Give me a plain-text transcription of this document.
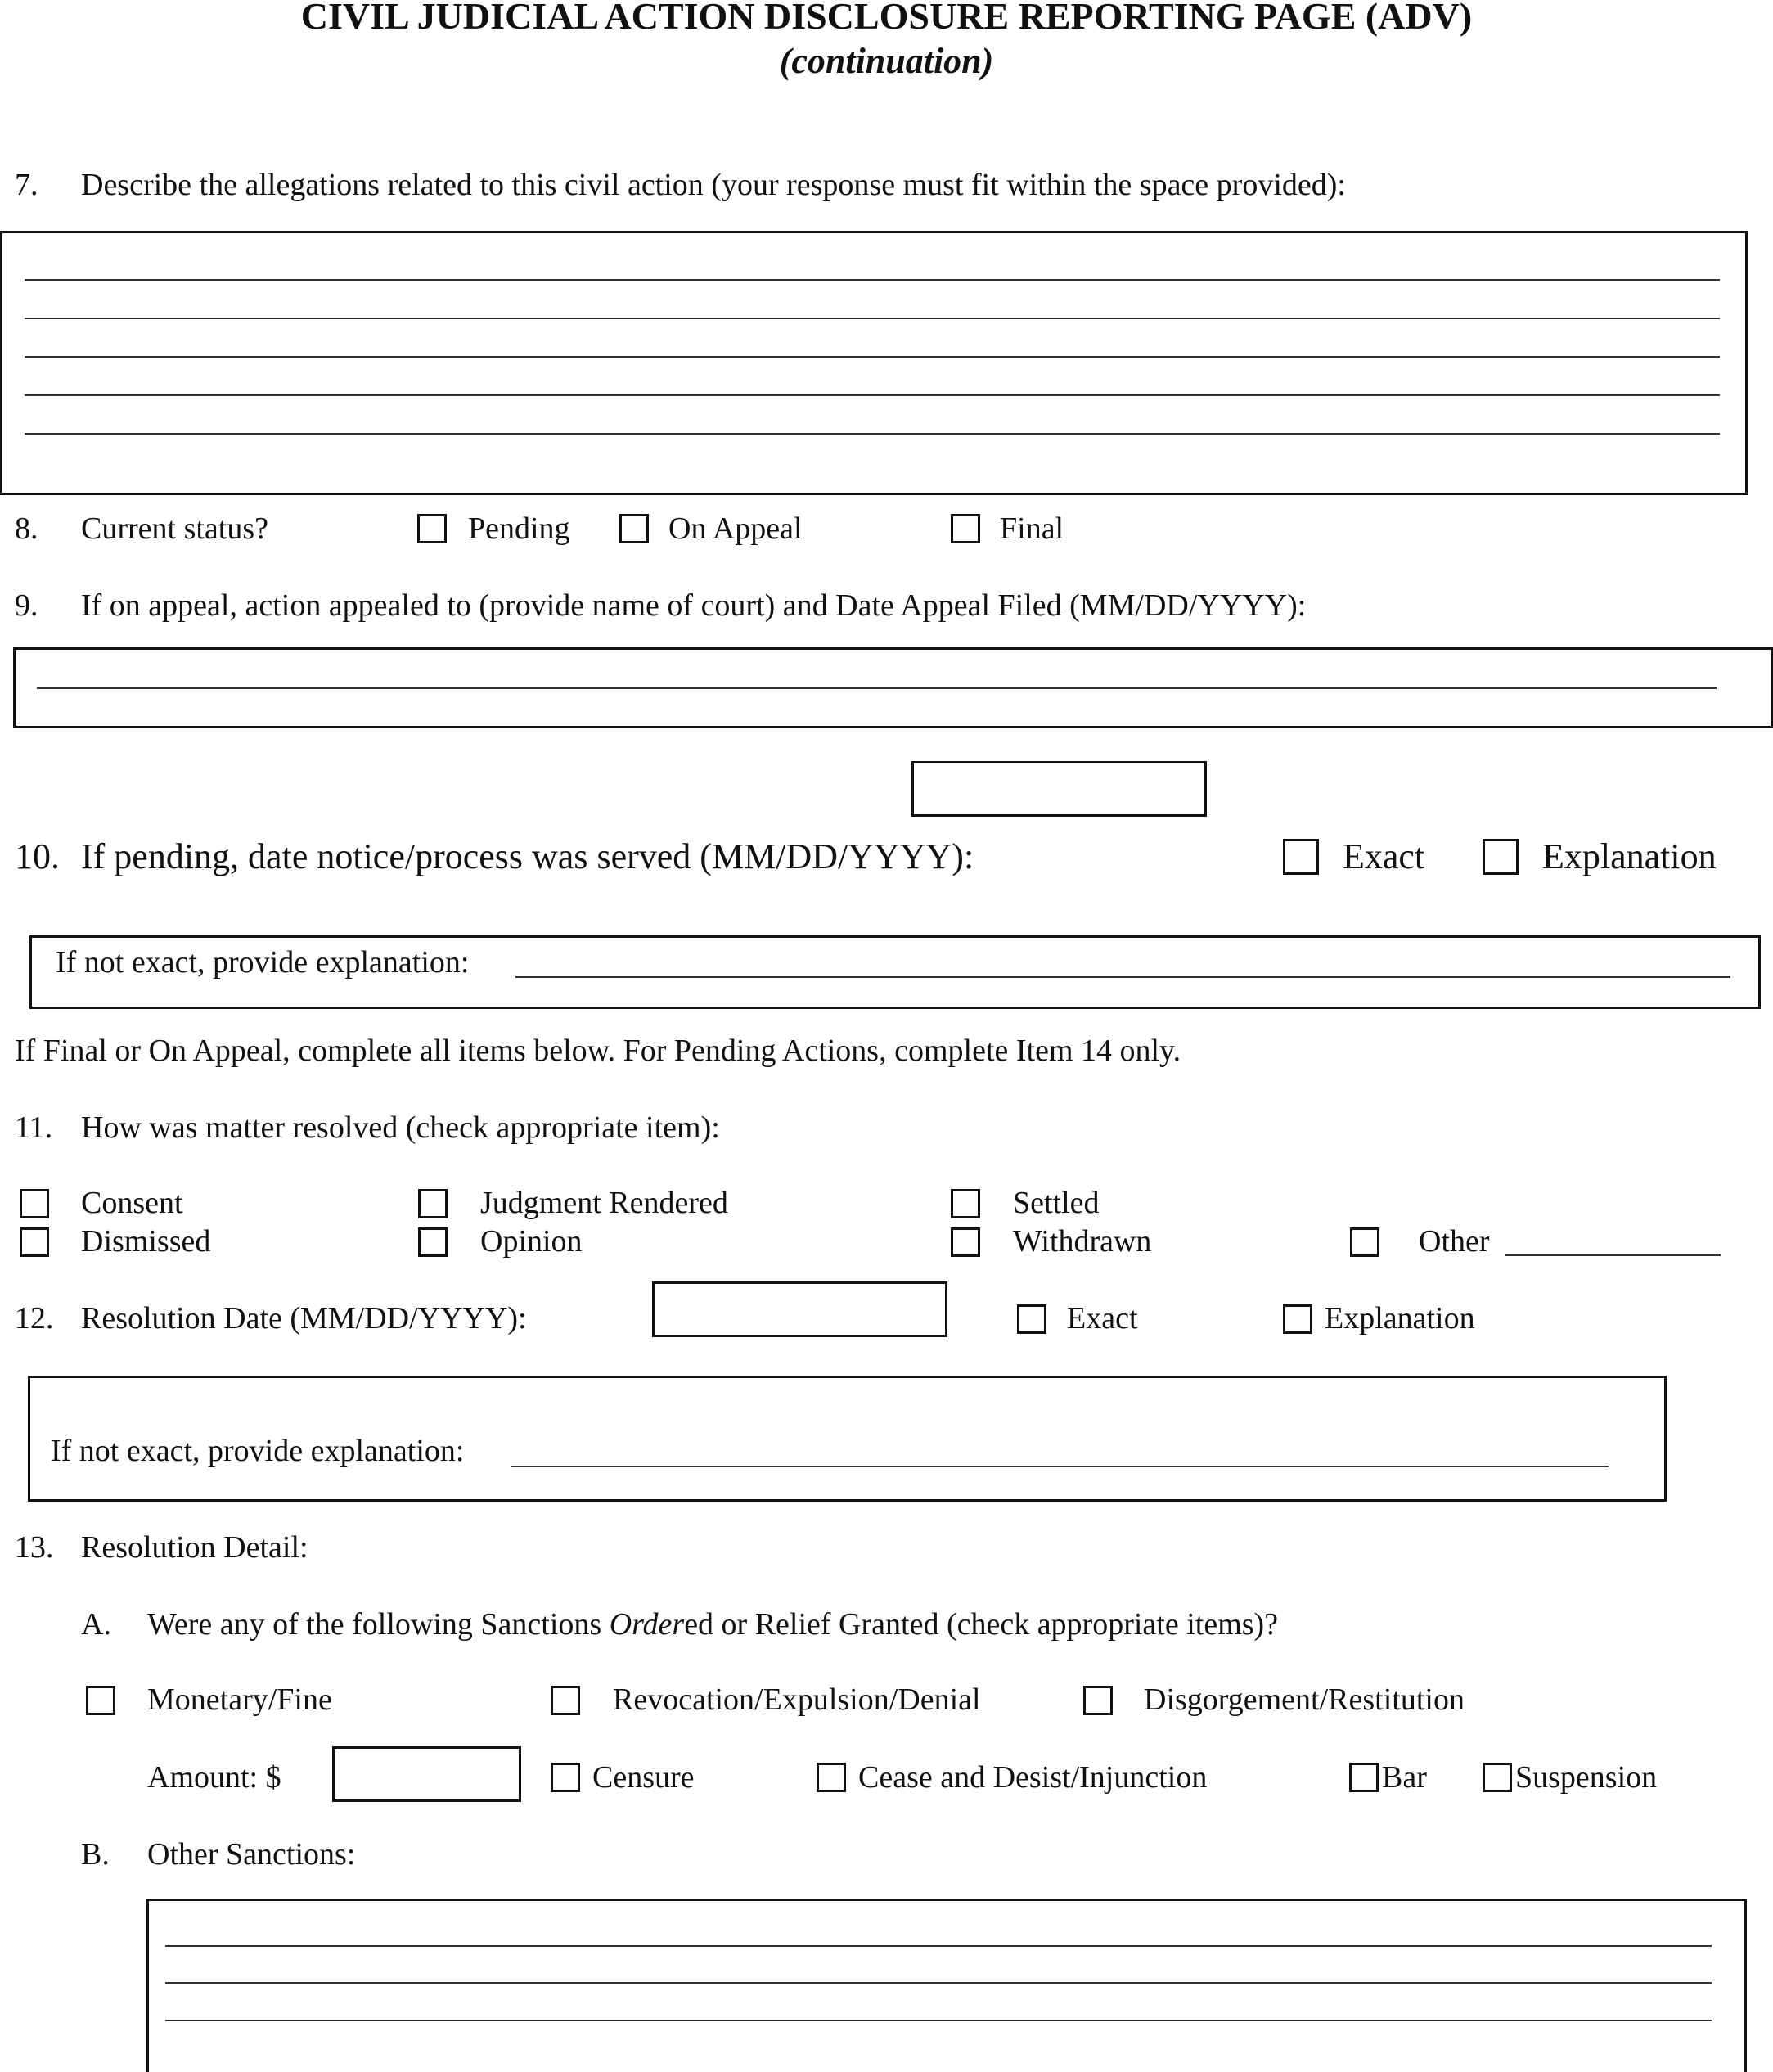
CIVIL JUDICIAL ACTION DISCLOSURE REPORTING PAGE (ADV)
(continuation)
7. Describe the allegations related to this civil action (your response must fit within the space provided):
8. Current status?	Pending	On Appeal	Final
9. If on appeal, action appealed to (provide name of court) and Date Appeal Filed (MM/DD/YYYY):
10. If pending, date notice/process was served (MM/DD/YYYY):	Exact	Explanation
If not exact, provide explanation:
If Final or On Appeal, complete all items below. For Pending Actions, complete Item 14 only.
11. How was matter resolved (check appropriate item):
Consent	Judgment Rendered	Settled
Dismissed	Opinion	Withdrawn	Other
12. Resolution Date (MM/DD/YYYY):	Exact	Explanation
If not exact, provide explanation:
13. Resolution Detail:
A. Were any of the following Sanctions Ordered or Relief Granted (check appropriate items)?
Monetary/Fine	Revocation/Expulsion/Denial	Disgorgement/Restitution
Amount: $	Censure	Cease and Desist/Injunction	Bar	Suspension
B. Other Sanctions:
